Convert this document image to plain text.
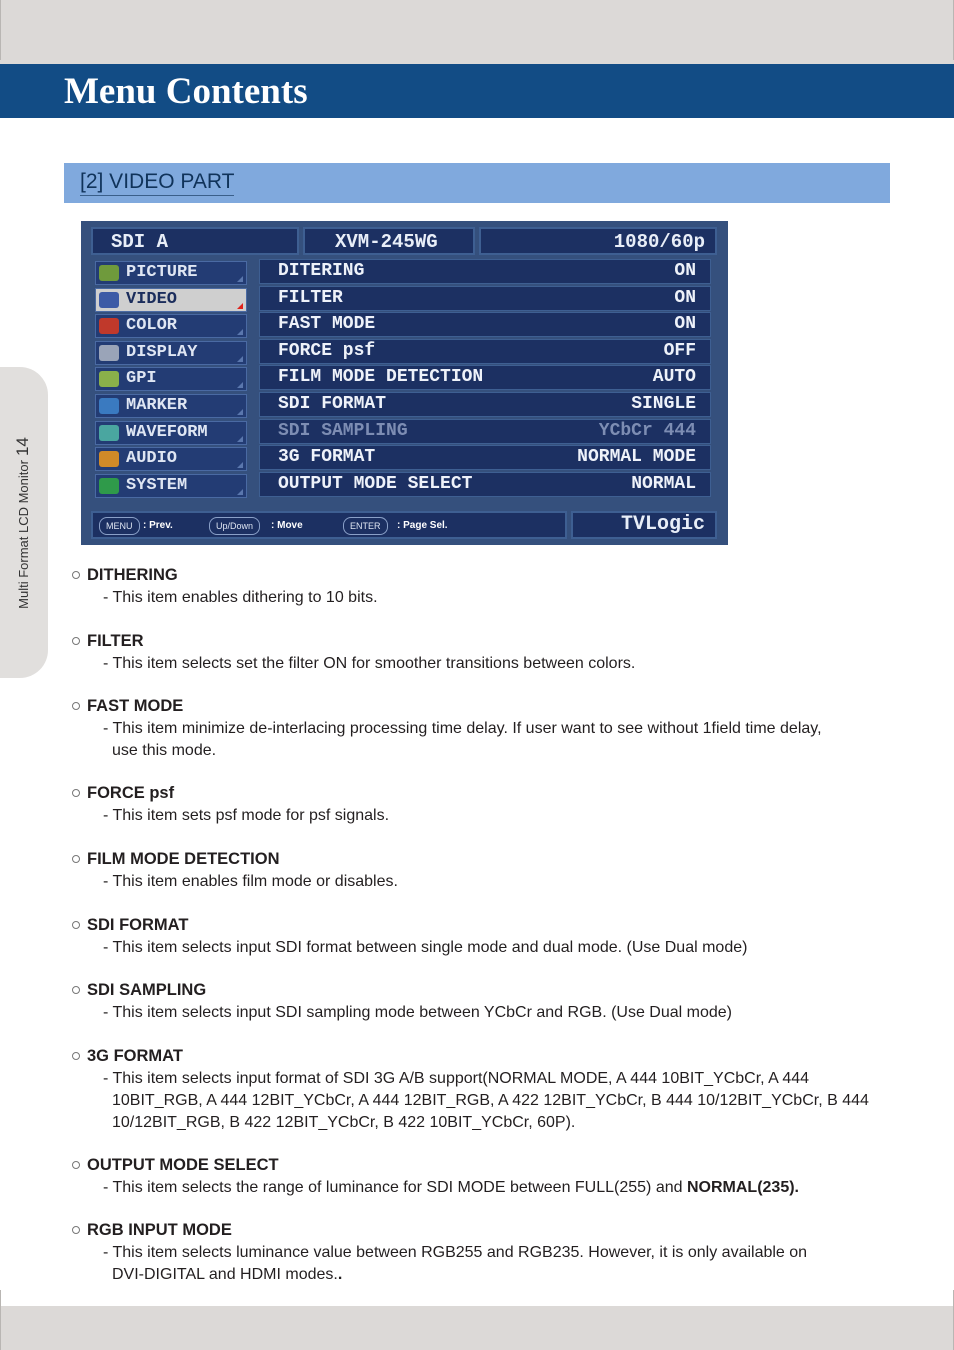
Menu Contents
Multi Format LCD Monitor14
[2] VIDEO PART
SDI A	XVM-245WG	1080/60p
PICTURE
VIDEO
COLOR
DISPLAY
GPI
MARKER
WAVEFORM
AUDIO
SYSTEM
DITERING	ON
FILTER	ON
FAST MODE	ON
FORCE psf	OFF
FILM MODE DETECTION	AUTO
SDI FORMAT	SINGLE
SDI SAMPLING	YCbCr 444
3G FORMAT	NORMAL MODE
OUTPUT MODE SELECT	NORMAL
MENU	: Prev.	Up/Down	: Move	ENTER	: Page Sel.	TVLogic
DITHERING
- This item enables dithering to 10 bits.
FILTER
- This item selects set the filter ON for smoother transitions between colors.
FAST MODE
- This item minimize de-interlacing processing time delay. If user want to see without 1field time delay,
use this mode.
FORCE psf
- This item sets psf mode for psf signals.
FILM MODE DETECTION
- This item enables film mode or disables.
SDI FORMAT
- This item selects input SDI format between single mode and dual mode. (Use Dual mode)
SDI SAMPLING
- This item selects input SDI sampling mode between YCbCr and RGB. (Use Dual mode)
3G FORMAT
- This item selects input format of SDI 3G A/B support(NORMAL MODE, A 444 10BIT_YCbCr, A 444
10BIT_RGB, A 444 12BIT_YCbCr, A 444 12BIT_RGB, A 422 12BIT_YCbCr, B 444 10/12BIT_YCbCr, B 444
10/12BIT_RGB, B 422 12BIT_YCbCr, B 422 10BIT_YCbCr, 60P).
OUTPUT MODE SELECT
- This item selects the range of luminance for SDI MODE between FULL(255) and NORMAL(235).
RGB INPUT MODE
- This item selects luminance value between RGB255 and RGB235. However, it is only available on
DVI-DIGITAL and HDMI modes..
